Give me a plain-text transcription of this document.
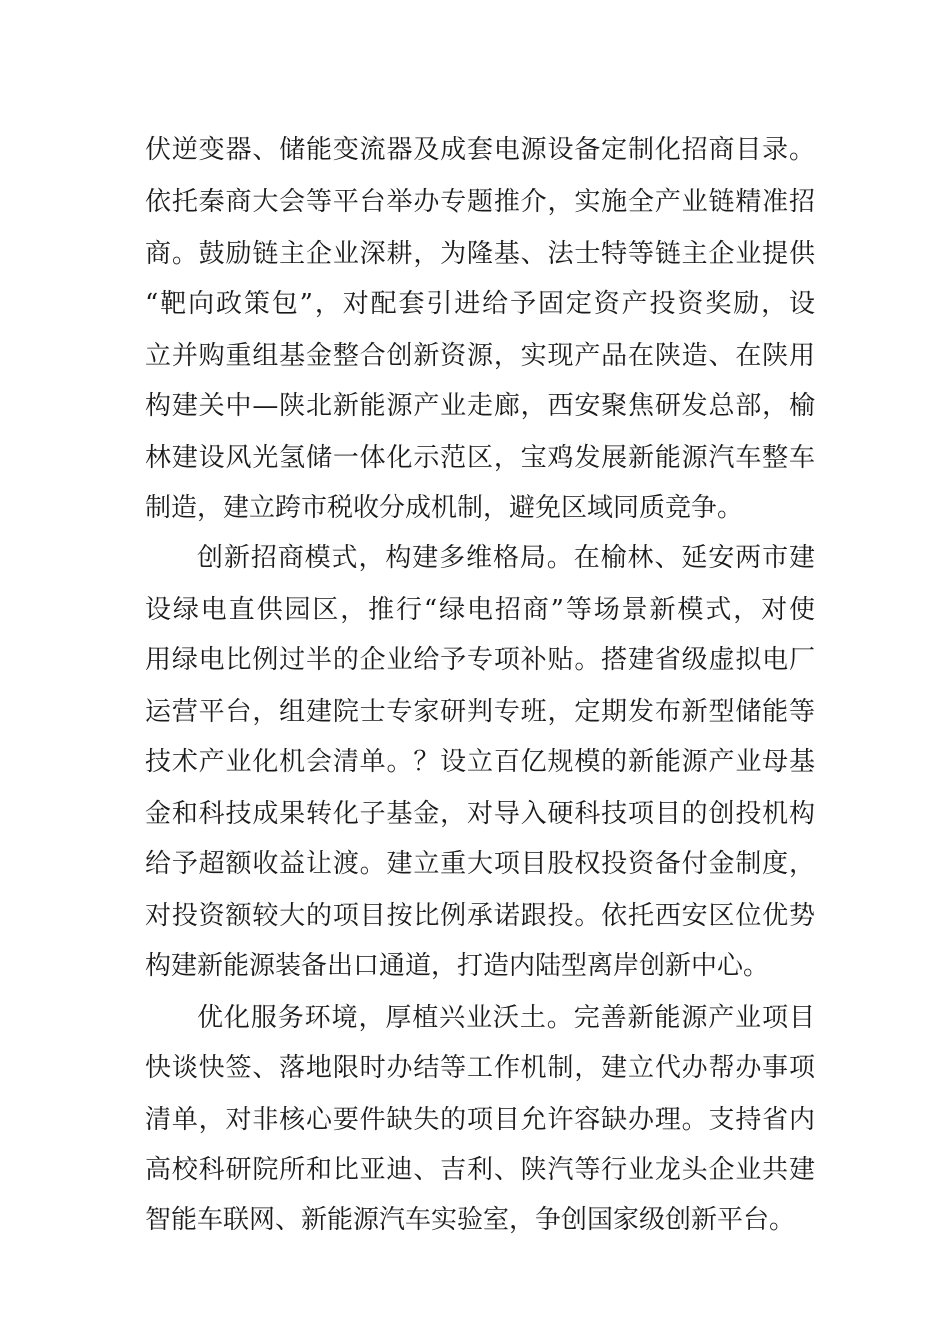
伏逆变器、储能变流器及成套电源设备定制化招商目录。
依托秦商大会等平台举办专题推介，实施全产业链精准招
商。鼓励链主企业深耕，为隆基、法士特等链主企业提供
“靶向政策包”，对配套引进给予固定资产投资奖励，设
立并购重组基金整合创新资源，实现产品在陕造、在陕用
构建关中—陕北新能源产业走廊，西安聚焦研发总部，榆
林建设风光氢储一体化示范区，宝鸡发展新能源汽车整车
制造，建立跨市税收分成机制，避免区域同质竞争。
创新招商模式，构建多维格局。在榆林、延安两市建
设绿电直供园区，推行“绿电招商”等场景新模式，对使
用绿电比例过半的企业给予专项补贴。搭建省级虚拟电厂
运营平台，组建院士专家研判专班，定期发布新型储能等
技术产业化机会清单。？设立百亿规模的新能源产业母基
金和科技成果转化子基金，对导入硬科技项目的创投机构
给予超额收益让渡。建立重大项目股权投资备付金制度，
对投资额较大的项目按比例承诺跟投。依托西安区位优势
构建新能源装备出口通道，打造内陆型离岸创新中心。
优化服务环境，厚植兴业沃土。完善新能源产业项目
快谈快签、落地限时办结等工作机制，建立代办帮办事项
清单，对非核心要件缺失的项目允许容缺办理。支持省内
高校科研院所和比亚迪、吉利、陕汽等行业龙头企业共建
智能车联网、新能源汽车实验室，争创国家级创新平台。
